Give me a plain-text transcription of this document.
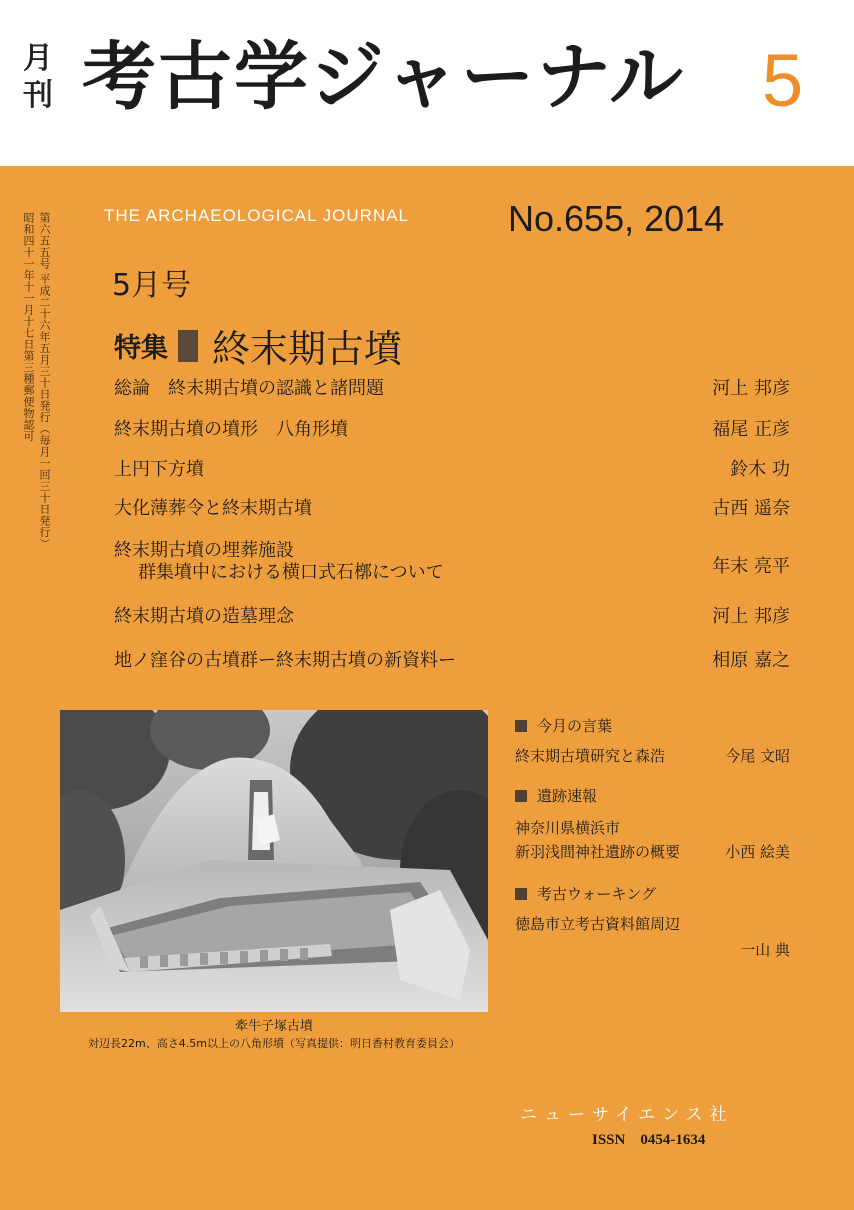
月
刊 考古学ジャーナル 5
第六五五号 平成二十六年五月三十日発行（毎月一回三十日発行）
昭和四十一年十一月十七日第三種郵便物認可	THE ARCHAEOLOGICAL JOURNAL	No.655, 2014
5月号
特集 終末期古墳
総論　終末期古墳の認識と諸問題	河上 邦彦
終末期古墳の墳形　八角形墳	福尾 正彦
上円下方墳	鈴木 功
大化薄葬令と終末期古墳	古西 遥奈
終末期古墳の埋葬施設
群集墳中における横口式石槨について	年末 亮平
終末期古墳の造墓理念	河上 邦彦
地ノ窪谷の古墳群ー終末期古墳の新資料ー	相原 嘉之
牽牛子塚古墳
対辺長22m、高さ4.5m以上の八角形墳（写真提供：明日香村教育委員会）
今月の言葉
終末期古墳研究と森浩	今尾 文昭
遺跡速報
神奈川県横浜市
新羽浅間神社遺跡の概要	小西 絵美
考古ウォーキング
徳島市立考古資料館周辺
一山 典
ニューサイエンス社
ISSN　0454-1634
